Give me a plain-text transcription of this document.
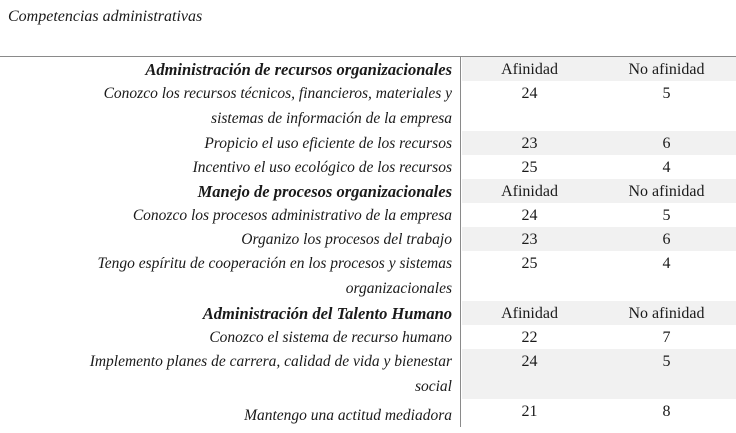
Competencias administrativas
Administración de recursos organizacionales	Afinidad	No afinidad
Conozco los recursos técnicos, financieros, materiales y
sistemas de información de la empresa
24	5
Propicio el uso eficiente de los recursos	23	6
Incentivo el uso ecológico de los recursos	25	4
Manejo de procesos organizacionales	Afinidad	No afinidad
Conozco los procesos administrativo de la empresa	24	5
Organizo los procesos del trabajo	23	6
Tengo espíritu de cooperación en los procesos y sistemas
organizacionales
25	4
Administración del Talento Humano	Afinidad	No afinidad
Conozco el sistema de recurso humano	22	7
Implemento planes de carrera, calidad de vida y bienestar
social
24	5
Mantengo una actitud mediadora	21	8
